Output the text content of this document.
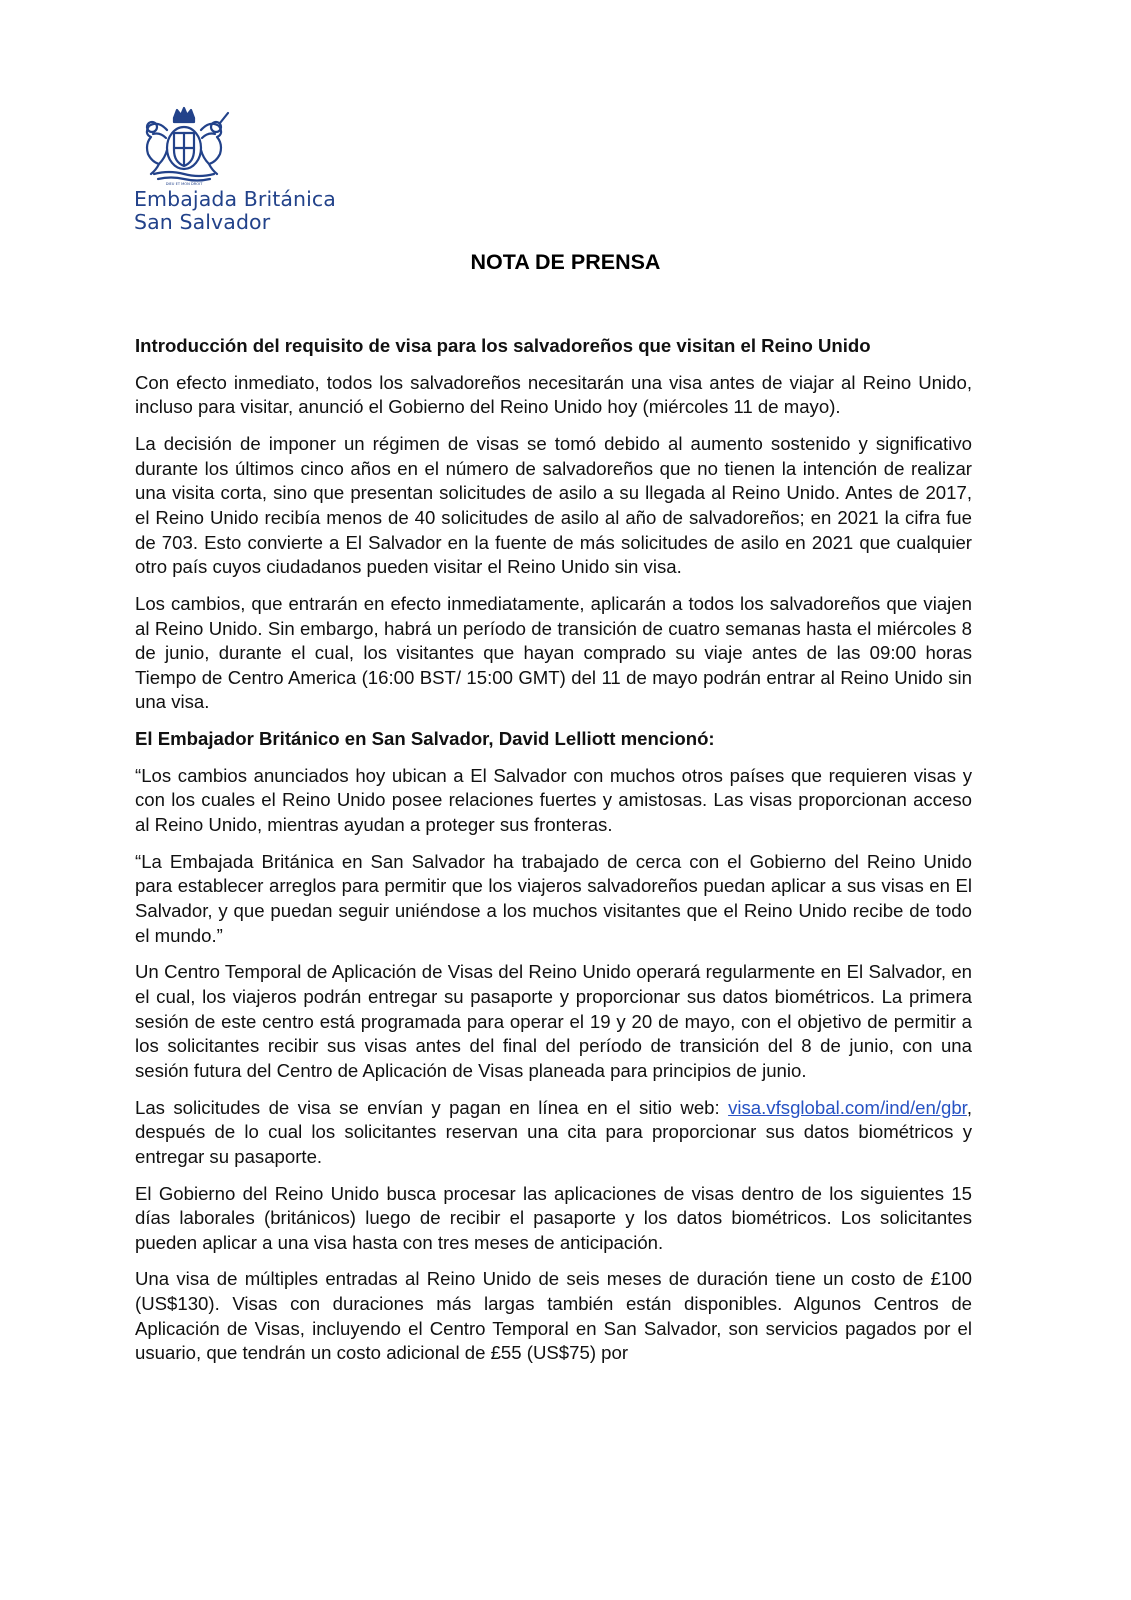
DIEU ET MON DROIT
Embajada Británica
San Salvador
NOTA DE PRENSA

Introducción del requisito de visa para los salvadoreños que visitan el Reino Unido

Con efecto inmediato, todos los salvadoreños necesitarán una visa antes de viajar al Reino Unido, incluso para visitar, anunció el Gobierno del Reino Unido hoy (miércoles 11 de mayo).

La decisión de imponer un régimen de visas se tomó debido al aumento sostenido y significativo durante los últimos cinco años en el número de salvadoreños que no tienen la intención de realizar una visita corta, sino que presentan solicitudes de asilo a su llegada al Reino Unido. Antes de 2017, el Reino Unido recibía menos de 40 solicitudes de asilo al año de salvadoreños; en 2021 la cifra fue de 703. Esto convierte a El Salvador en la fuente de más solicitudes de asilo en 2021 que cualquier otro país cuyos ciudadanos pueden visitar el Reino Unido sin visa.

Los cambios, que entrarán en efecto inmediatamente, aplicarán a todos los salvadoreños que viajen al Reino Unido. Sin embargo, habrá un período de transición de cuatro semanas hasta el miércoles 8 de junio, durante el cual, los visitantes que hayan comprado su viaje antes de las 09:00 horas Tiempo de Centro America (16:00 BST/ 15:00 GMT) del 11 de mayo podrán entrar al Reino Unido sin una visa.

El Embajador Británico en San Salvador, David Lelliott mencionó:

“Los cambios anunciados hoy ubican a El Salvador con muchos otros países que requieren visas y con los cuales el Reino Unido posee relaciones fuertes y amistosas. Las visas proporcionan acceso al Reino Unido, mientras ayudan a proteger sus fronteras.

“La Embajada Británica en San Salvador ha trabajado de cerca con el Gobierno del Reino Unido para establecer arreglos para permitir que los viajeros salvadoreños puedan aplicar a sus visas en El Salvador, y que puedan seguir uniéndose a los muchos visitantes que el Reino Unido recibe de todo el mundo.”

Un Centro Temporal de Aplicación de Visas del Reino Unido operará regularmente en El Salvador, en el cual, los viajeros podrán entregar su pasaporte y proporcionar sus datos biométricos. La primera sesión de este centro está programada para operar el 19 y 20 de mayo, con el objetivo de permitir a los solicitantes recibir sus visas antes del final del período de transición del 8 de junio, con una sesión futura del Centro de Aplicación de Visas planeada para principios de junio.

Las solicitudes de visa se envían y pagan en línea en el sitio web: visa.vfsglobal.com/ind/en/gbr, después de lo cual los solicitantes reservan una cita para proporcionar sus datos biométricos y entregar su pasaporte.

El Gobierno del Reino Unido busca procesar las aplicaciones de visas dentro de los siguientes 15 días laborales (británicos) luego de recibir el pasaporte y los datos biométricos. Los solicitantes pueden aplicar a una visa hasta con tres meses de anticipación.

Una visa de múltiples entradas al Reino Unido de seis meses de duración tiene un costo de £100 (US$130). Visas con duraciones más largas también están disponibles. Algunos Centros de Aplicación de Visas, incluyendo el Centro Temporal en San Salvador, son servicios pagados por el usuario, que tendrán un costo adicional de £55 (US$75) por
